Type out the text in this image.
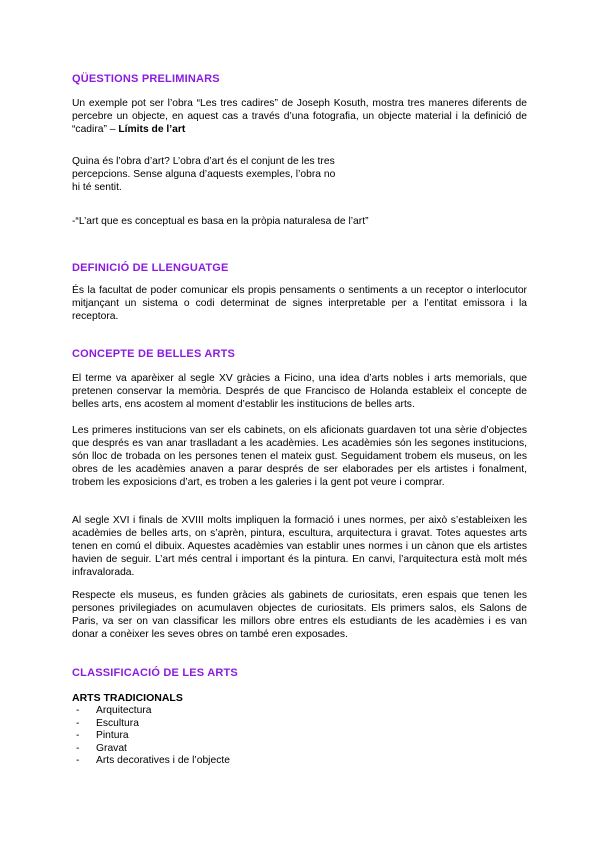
QÜESTIONS PRELIMINARS
Un exemple pot ser l’obra “Les tres cadires” de Joseph Kosuth, mostra tres maneres diferents de percebre un objecte, en aquest cas a través d’una fotografia, un objecte material i la definició de “cadira” – Límits de l’art
Quina és l’obra d’art? L’obra d’art és el conjunt de les tres percepcions. Sense alguna d’aquests exemples, l’obra no hi té sentit.
-“L’art que es conceptual es basa en la pròpia naturalesa de l’art”
DEFINICIÓ DE LLENGUATGE
És la facultat de poder comunicar els propis pensaments o sentiments a un receptor o interlocutor mitjançant un sistema o codi determinat de signes interpretable per a l’entitat emissora i la receptora.
CONCEPTE DE BELLES ARTS
El terme va aparèixer al segle XV gràcies a Ficino, una idea d’arts nobles i arts memorials, que pretenen conservar la memòria. Després de que Francisco de Holanda estableix el concepte de belles arts, ens acostem al moment d’establir les institucions de belles arts.
Les primeres institucions van ser els cabinets, on els aficionats guardaven tot una sèrie d’objectes que després es van anar traslladant a les acadèmies. Les acadèmies són les segones institucions, són lloc de trobada on les persones tenen el mateix gust. Seguidament trobem els museus, on les obres de les acadèmies anaven a parar després de ser elaborades per els artistes i fonalment, trobem les exposicions d’art, es troben a les galeries i la gent pot veure i comprar.
Al segle XVI i finals de XVIII molts impliquen la formació i unes normes, per això s’estableixen les acadèmies de belles arts, on s’aprèn, pintura, escultura, arquitectura i gravat. Totes aquestes arts tenen en comú el dibuix. Aquestes acadèmies van establir unes normes i un cànon que els artistes havien de seguir. L’art més central i important és la pintura. En canvi, l’arquitectura està molt més infravalorada.
Respecte els museus, es funden gràcies als gabinets de curiositats, eren espais que tenen les persones privilegiades on acumulaven objectes de curiositats. Els primers salos, els Salons de Paris, va ser on van classificar les millors obre entres els estudiants de les acadèmies i es van donar a conèixer les seves obres on també eren exposades.
CLASSIFICACIÓ DE LES ARTS
ARTS TRADICIONALS
- Arquitectura
- Escultura
- Pintura
- Gravat
- Arts decoratives i de l’objecte
